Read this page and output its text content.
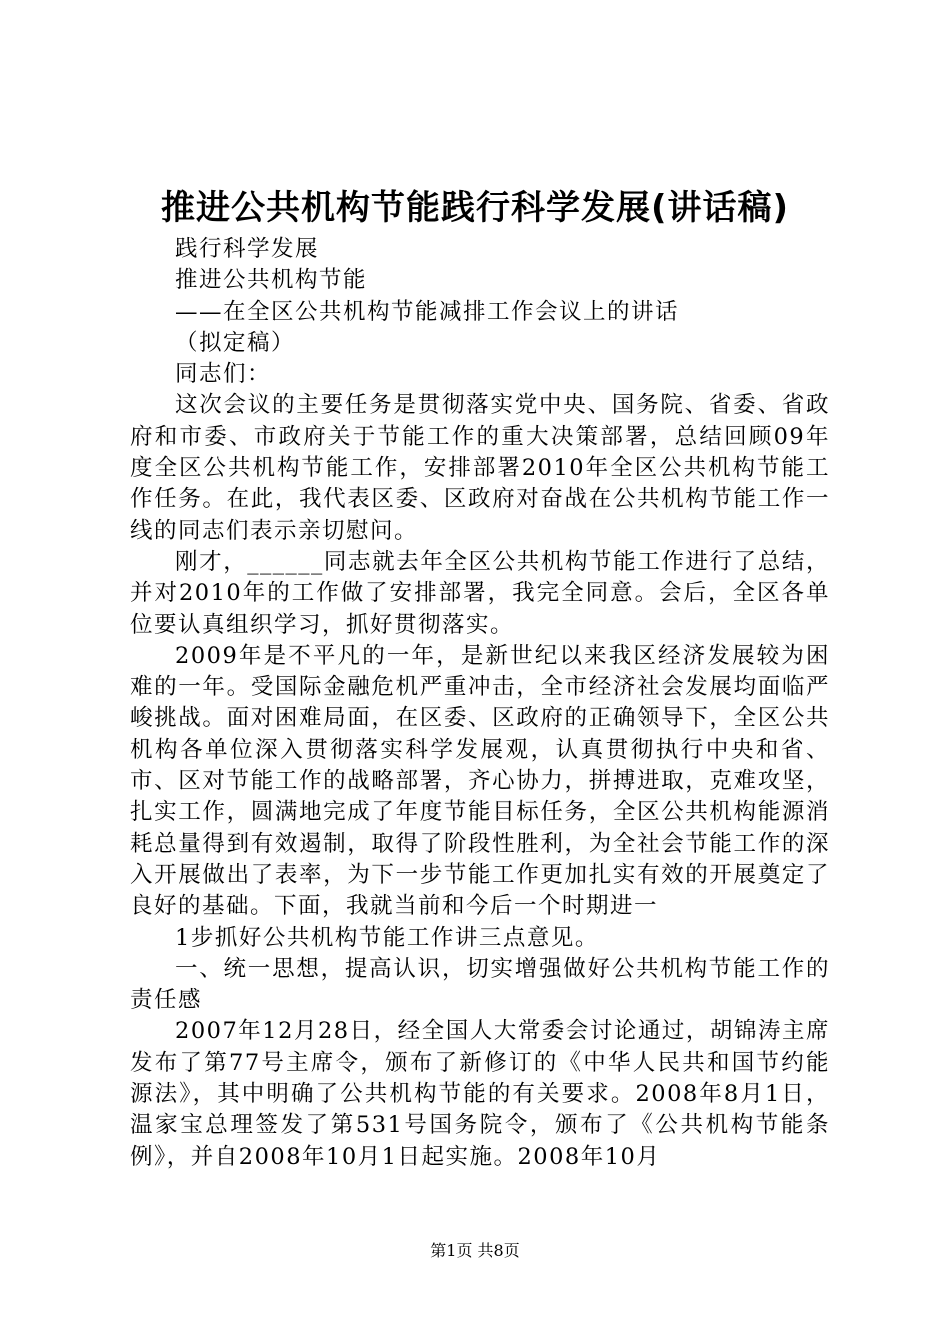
推进公共机构节能践行科学发展(讲话稿)

践行科学发展

推进公共机构节能

——在全区公共机构节能减排工作会议上的讲话

（拟定稿）

同志们：

这次会议的主要任务是贯彻落实党中央、国务院、省委、省政府和市委、市政府关于节能工作的重大决策部署，总结回顾09年度全区公共机构节能工作，安排部署2010年全区公共机构节能工作任务。在此，我代表区委、区政府对奋战在公共机构节能工作一线的同志们表示亲切慰问。

刚才，______同志就去年全区公共机构节能工作进行了总结，并对2010年的工作做了安排部署，我完全同意。会后，全区各单位要认真组织学习，抓好贯彻落实。

2009年是不平凡的一年，是新世纪以来我区经济发展较为困难的一年。受国际金融危机严重冲击，全市经济社会发展均面临严峻挑战。面对困难局面，在区委、区政府的正确领导下，全区公共机构各单位深入贯彻落实科学发展观，认真贯彻执行中央和省、市、区对节能工作的战略部署，齐心协力，拼搏进取，克难攻坚，扎实工作，圆满地完成了年度节能目标任务，全区公共机构能源消耗总量得到有效遏制，取得了阶段性胜利，为全社会节能工作的深入开展做出了表率，为下一步节能工作更加扎实有效的开展奠定了良好的基础。下面，我就当前和今后一个时期进一

1步抓好公共机构节能工作讲三点意见。

一、统一思想，提高认识，切实增强做好公共机构节能工作的责任感

2007年12月28日，经全国人大常委会讨论通过，胡锦涛主席发布了第77号主席令，颁布了新修订的《中华人民共和国节约能源法》，其中明确了公共机构节能的有关要求。2008年8月1日，温家宝总理签发了第531号国务院令，颁布了《公共机构节能条例》，并自2008年10月1日起实施。2008年10月

第1页 共8页
